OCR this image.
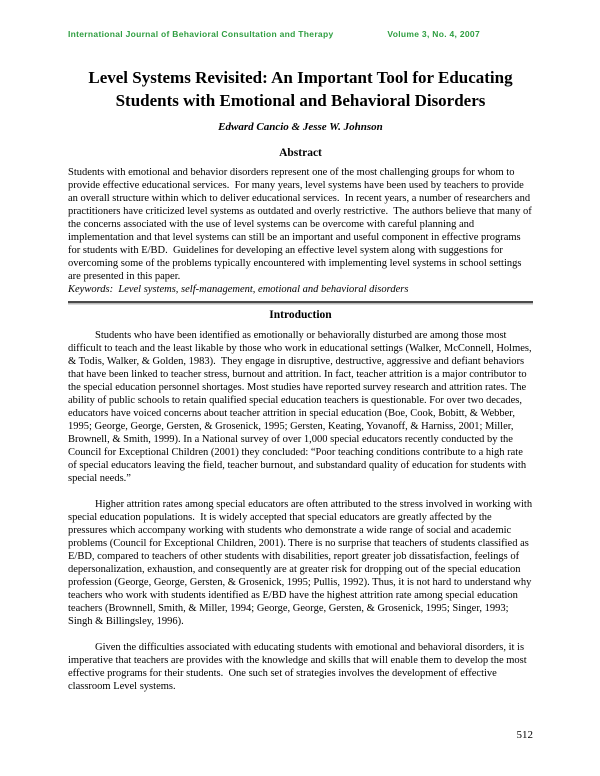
International Journal of Behavioral Consultation and Therapy	Volume 3, No. 4, 2007
Level Systems Revisited: An Important Tool for Educating
Students with Emotional and Behavioral Disorders
Edward Cancio & Jesse W. Johnson
Abstract

Students with emotional and behavior disorders represent one of the most challenging groups for whom to provide effective educational services.  For many years, level systems have been used by teachers to provide an overall structure within which to deliver educational services.  In recent years, a number of researchers and practitioners have criticized level systems as outdated and overly restrictive.  The authors believe that many of the concerns associated with the use of level systems can be overcome with careful planning and implementation and that level systems can still be an important and useful component in effective programs for students with E/BD.  Guidelines for developing an effective level system along with suggestions for overcoming some of the problems typically encountered with implementing level systems in school settings are presented in this paper.

Keywords:  Level systems, self-management, emotional and behavioral disorders

Introduction

Students who have been identified as emotionally or behaviorally disturbed are among those most difficult to teach and the least likable by those who work in educational settings (Walker, McConnell, Holmes, & Todis, Walker, & Golden, 1983).  They engage in disruptive, destructive, aggressive and defiant behaviors that have been linked to teacher stress, burnout and attrition. In fact, teacher attrition is a major contributor to the special education personnel shortages. Most studies have reported survey research and attrition rates. The ability of public schools to retain qualified special education teachers is questionable. For over two decades, educators have voiced concerns about teacher attrition in special education (Boe, Cook, Bobitt, & Webber, 1995; George, George, Gersten, & Grosenick, 1995; Gersten, Keating, Yovanoff, & Harniss, 2001; Miller, Brownell, & Smith, 1999). In a National survey of over 1,000 special educators recently conducted by the Council for Exceptional Children (2001) they concluded: “Poor teaching conditions contribute to a high rate of special educators leaving the field, teacher burnout, and substandard quality of education for students with special needs.”

Higher attrition rates among special educators are often attributed to the stress involved in working with special education populations.  It is widely accepted that special educators are greatly affected by the pressures which accompany working with students who demonstrate a wide range of social and academic problems (Council for Exceptional Children, 2001). There is no surprise that teachers of students classified as E/BD, compared to teachers of other students with disabilities, report greater job dissatisfaction, feelings of depersonalization, exhaustion, and consequently are at greater risk for dropping out of the special education profession (George, George, Gersten, & Grosenick, 1995; Pullis, 1992). Thus, it is not hard to understand why teachers who work with students identified as E/BD have the highest attrition rate among special education teachers (Brownnell, Smith, & Miller, 1994; George, George, Gersten, & Grosenick, 1995; Singer, 1993; Singh & Billingsley, 1996).

Given the difficulties associated with educating students with emotional and behavioral disorders, it is imperative that teachers are provides with the knowledge and skills that will enable them to develop the most effective programs for their students.  One such set of strategies involves the development of effective classroom Level systems.

512
